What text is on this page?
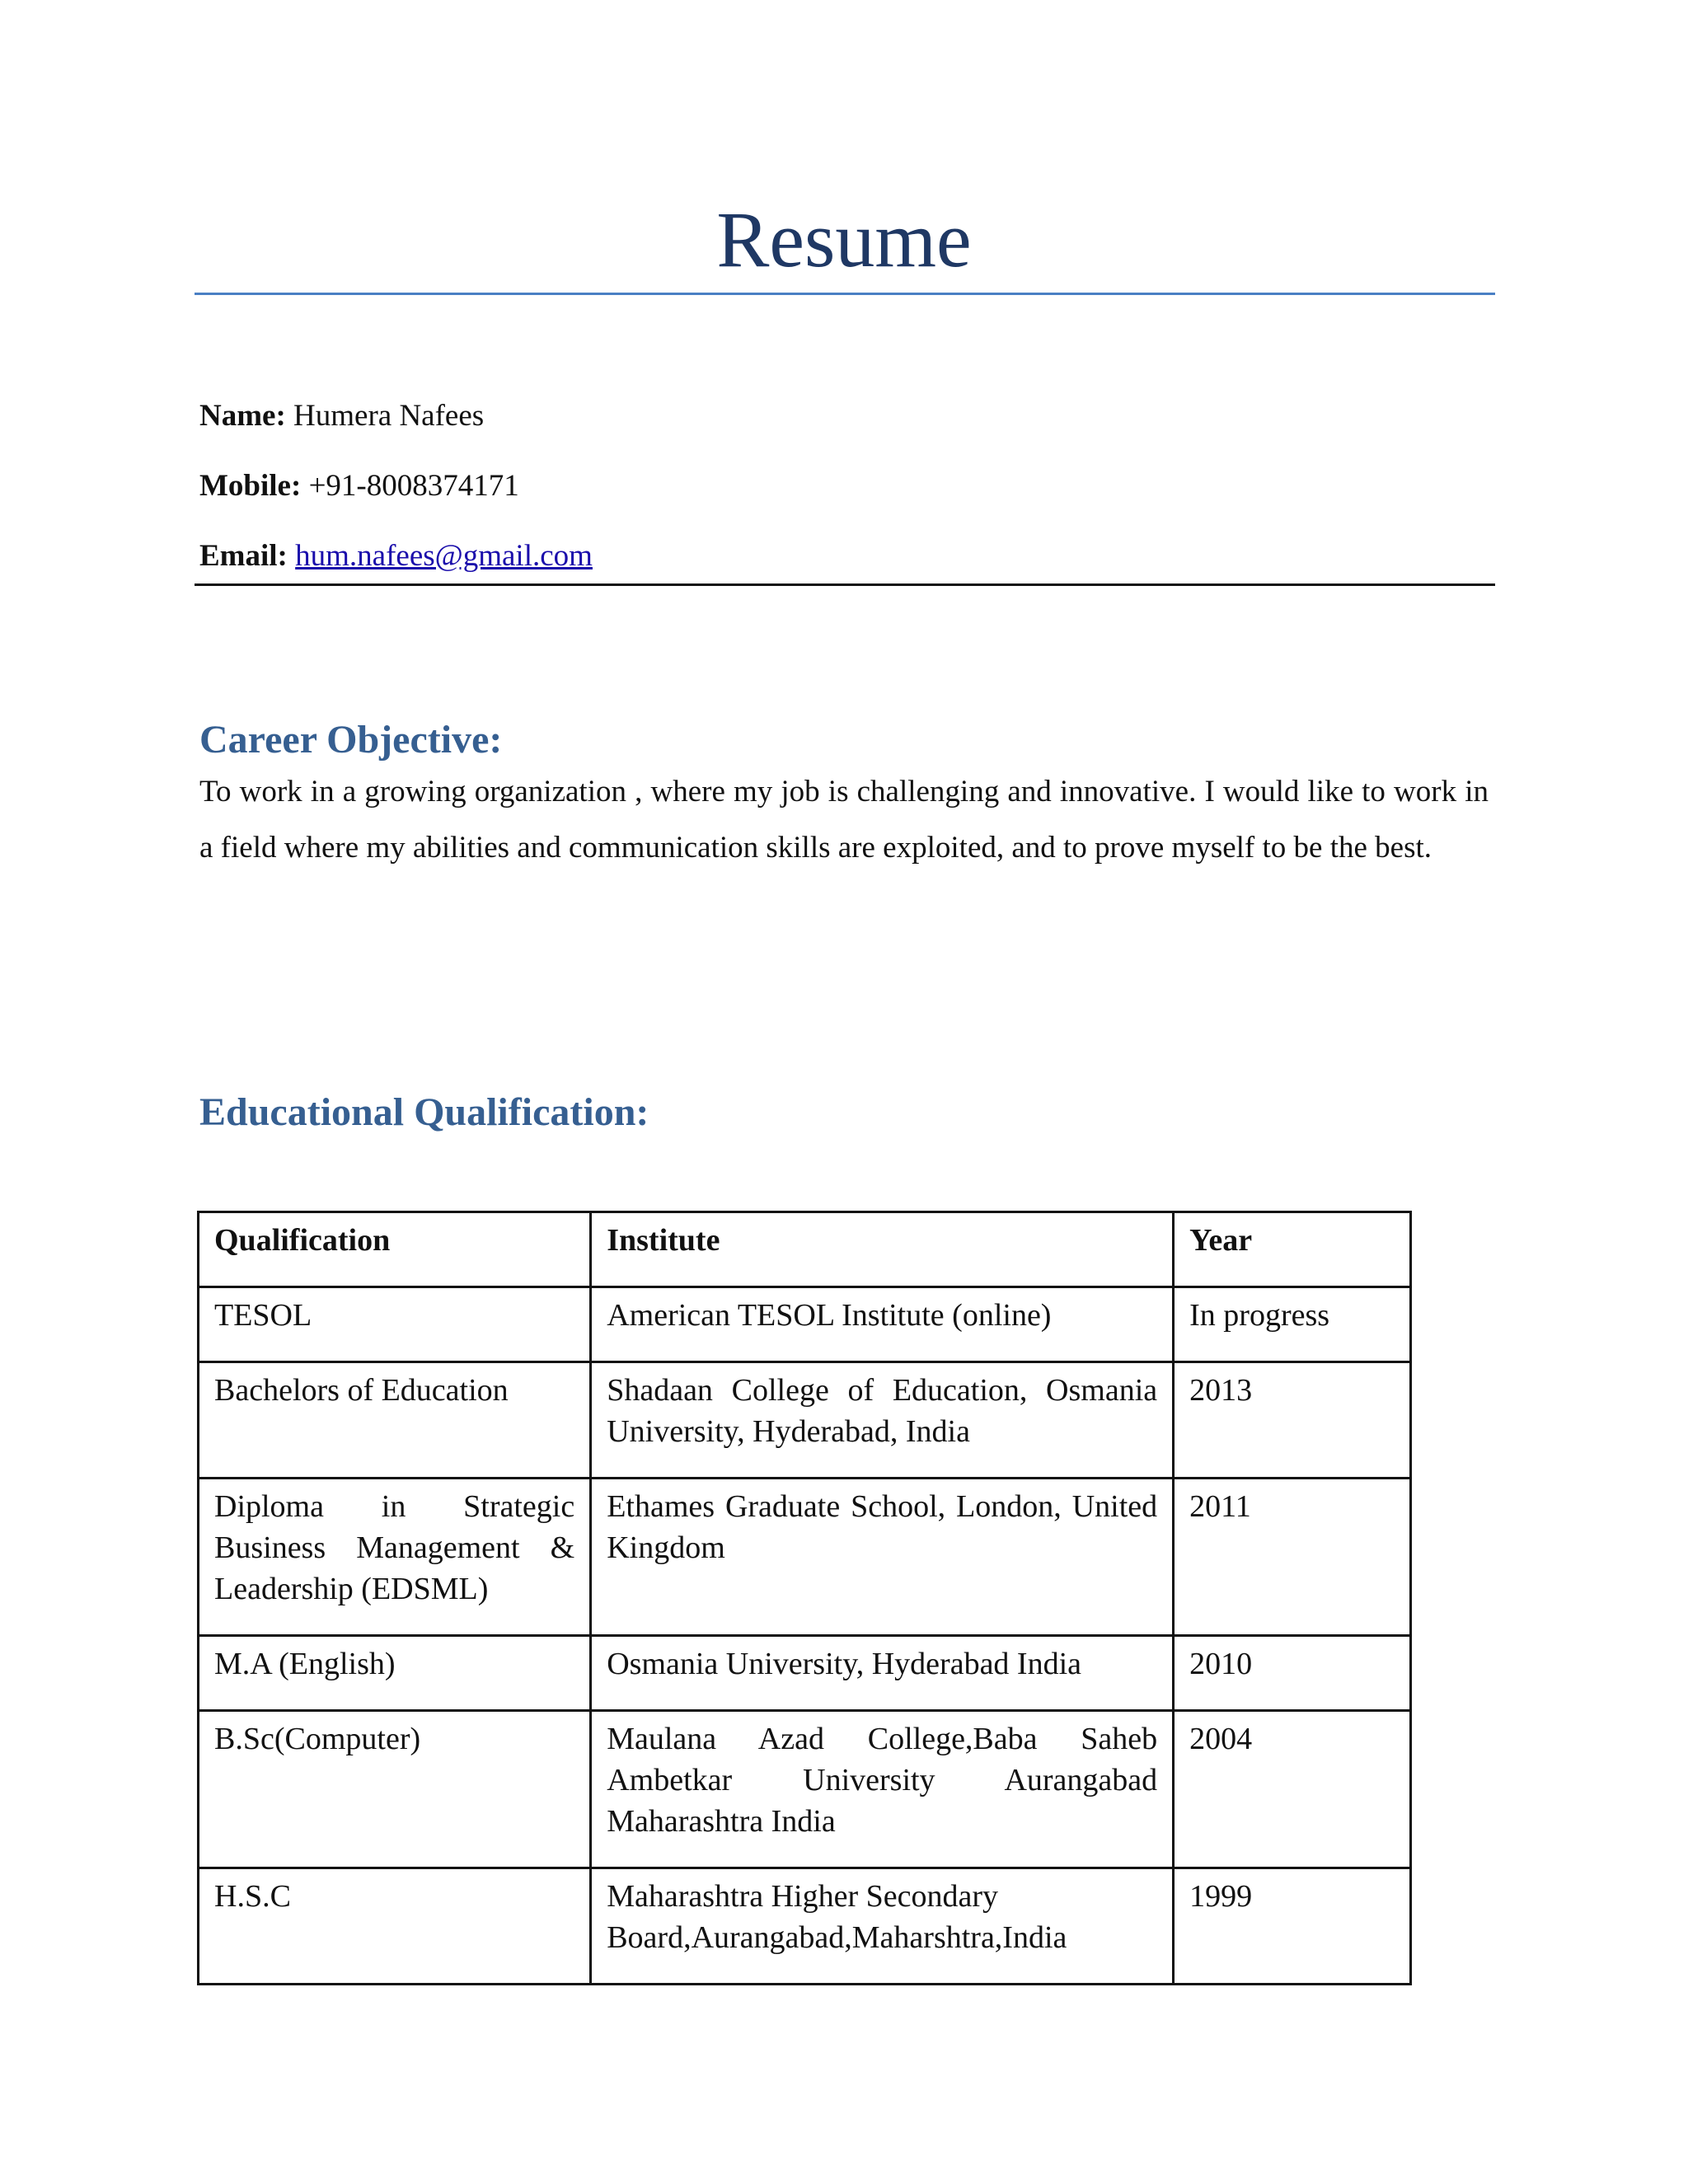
Resume
Name: Humera Nafees
Mobile: +91-8008374171
Email: hum.nafees@gmail.com
Career Objective:
To work in a growing organization , where my job is challenging and innovative. I would like to work in a field where my abilities and communication skills are exploited, and to prove myself to be the best.
Educational Qualification:
Qualification	Institute	Year
TESOL	American TESOL Institute (online)	In progress
Bachelors of Education	Shadaan College of Education, Osmania University, Hyderabad, India	2013
Diploma in Strategic Business Management & Leadership (EDSML)	Ethames Graduate School, London, United Kingdom	2011
M.A (English)	Osmania University, Hyderabad India	2010
B.Sc(Computer)	Maulana Azad College,Baba Saheb Ambetkar University Aurangabad Maharashtra India	2004
H.S.C	Maharashtra Higher Secondary Board,Aurangabad,Maharshtra,India	1999
